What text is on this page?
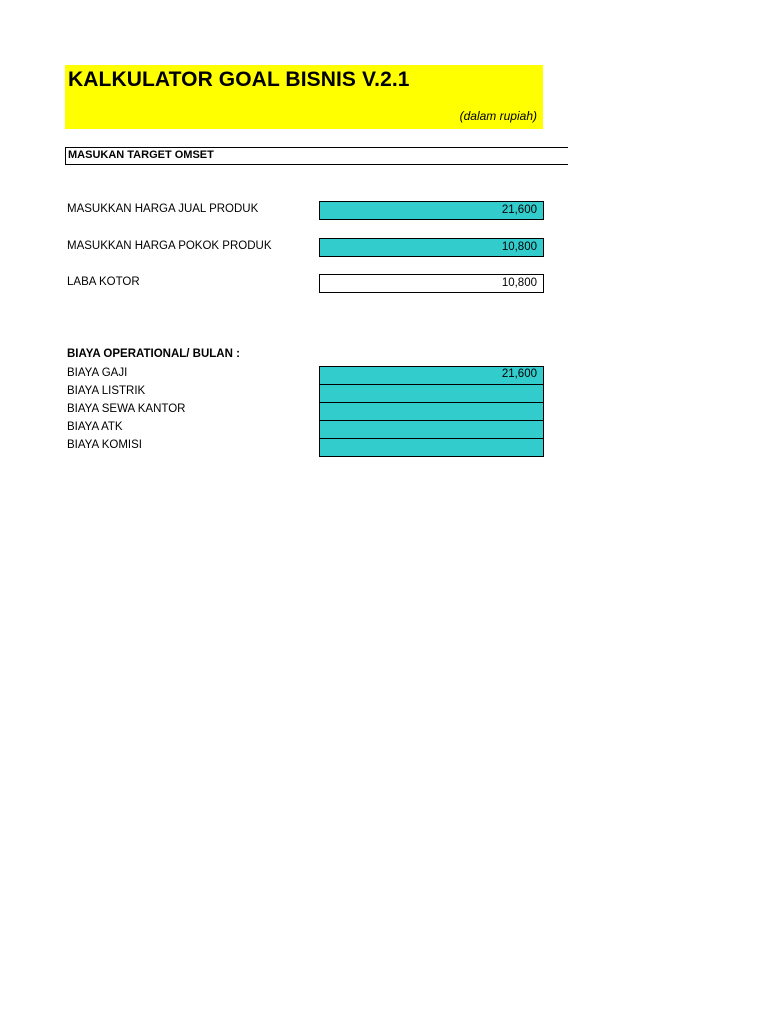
KALKULATOR GOAL BISNIS V.2.1
(dalam rupiah)
MASUKAN TARGET OMSET
MASUKKAN HARGA JUAL PRODUK	21,600
MASUKKAN HARGA POKOK PRODUK	10,800
LABA KOTOR	10,800
BIAYA OPERATIONAL/ BULAN :
BIAYA GAJI	21,600
BIAYA LISTRIK
BIAYA SEWA KANTOR
BIAYA ATK
BIAYA KOMISI
